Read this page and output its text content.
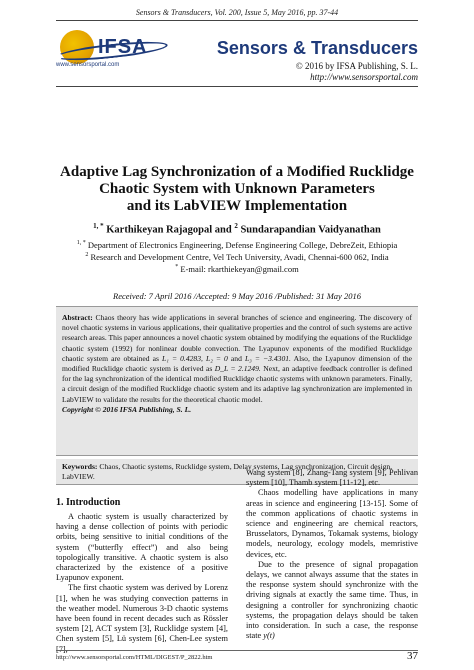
Sensors & Transducers, Vol. 200, Issue 5, May 2016, pp. 37-44
IFSA
www.sensorsportal.com
Sensors & Transducers
© 2016 by IFSA Publishing, S. L.
http://www.sensorsportal.com
Adaptive Lag Synchronization of a Modified Rucklidge
Chaotic System with Unknown Parameters
and its LabVIEW Implementation
$^{1, *}$ Karthikeyan Rajagopal and $^2$ Sundarapandian Vaidyanathan
$^{1, *}$ Department of Electronics Engineering, Defense Engineering College, DebreZeit, Ethiopia
$^2$ Research and Development Centre, Vel Tech University, Avadi, Chennai-600 062, India
* E-mail: rkarthiekeyan@gmail.com
Received: 7 April 2016 /Accepted: 9 May 2016 /Published: 31 May 2016
Abstract: Chaos theory has wide applications in several branches of science and engineering. The discovery of novel chaotic systems in various applications, their qualitative properties and the control of such systems are active research areas. This paper announces a novel chaotic system obtained by modifying the equations of the Rucklidge chaotic system (1992) for nonlinear double convection. The Lyapunov exponents of the modified Rucklidge chaotic system are obtained as L₁ = 0.4283, L₂ = 0 and L₃ = −3.4301. Also, the Lyapunov dimension of the modified Rucklidge chaotic system is derived as D_L = 2.1249. Next, an adaptive feedback controller is defined for the lag synchronization of the identical modified Rucklidge chaotic systems with unknown parameters. Finally, a circuit design of the modified Rucklidge chaotic system and its adaptive lag synchronization are implemented in LabVIEW to validate the results for the theoretical chaotic model.
Copyright © 2016 IFSA Publishing, S. L.
Keywords: Chaos, Chaotic systems, Rucklidge system, Delay systems, Lag synchronization, Circuit design, LabVIEW.
1. Introduction

A chaotic system is usually characterized by having a dense collection of points with periodic orbits, being sensitive to initial conditions of the system (“butterfly effect”) and also being topologically transitive. A chaotic system is also characterized by the existence of a positive Lyapunov exponent.

The first chaotic system was derived by Lorenz [1], when he was studying convection patterns in the weather model. Numerous 3-D chaotic systems have been found in recent decades such as Rössler system [2], ACT system [3], Rucklidge system [4], Chen system [5], Lü system [6], Chen-Lee system

Wang system [8], Zhang-Tang system [9], Pehlivan system [10], Thamb system [11-12], etc.

Chaos modelling have applications in many areas in science and engineering [13-15]. Some of the common applications of chaotic systems in science and engineering are chemical reactors, Brusselators, Dynamos, Tokamak systems, biology models, neurology, ecology models, memristive devices, etc.

Due to the presence of signal propagation delays, we cannot always assume that the states in the response system should synchronize with the driving signals at exactly the same time. Thus, in designing a controller for synchronizing chaotic systems, the propagation delays should be taken into consideration. In such a case, the response state y(t)

http://www.sensorsportal.com/HTML/DIGEST/P_2822.htm	37
